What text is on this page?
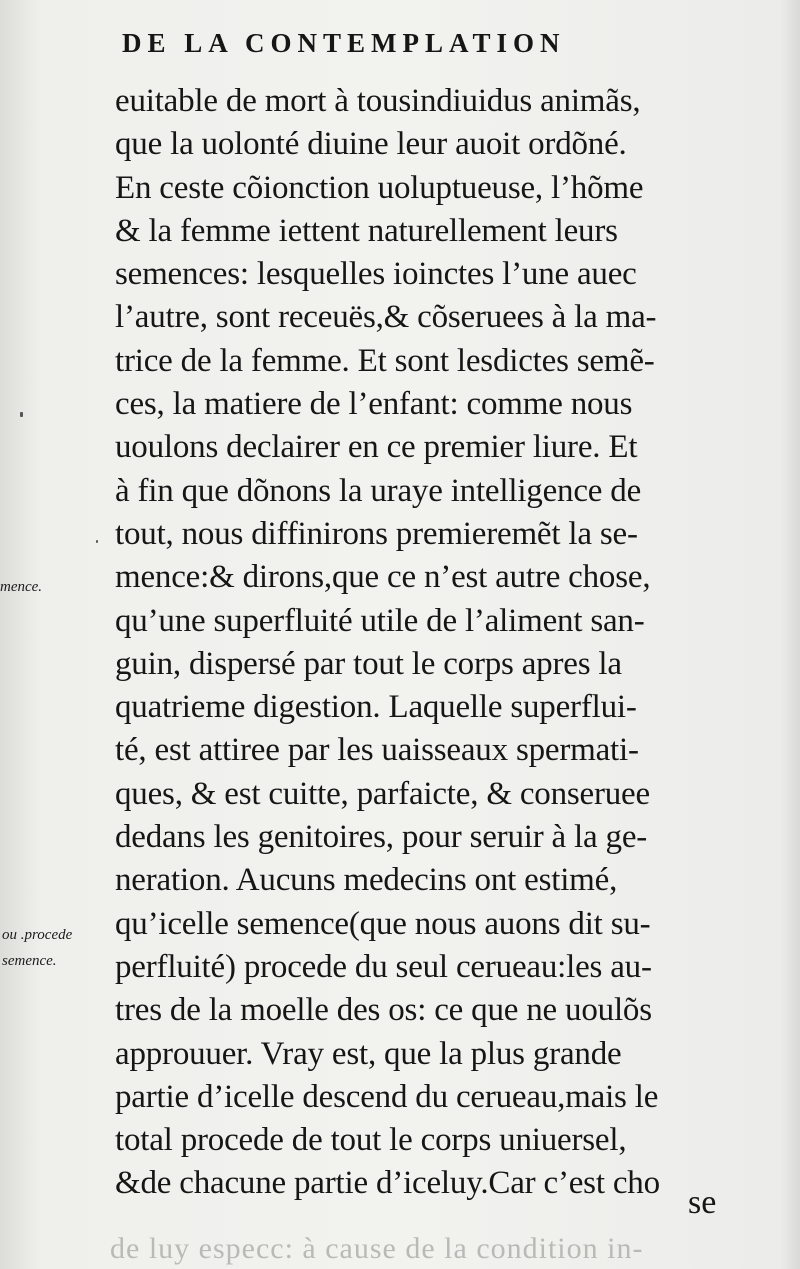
de luy especc: à cause de la condition in-
DE LA CONTEMPLATION
euitable de mort à tousindiuidus animãs,
que la uolonté diuine leur auoit ordõné.
En ceste cõionction uoluptueuse, l’hõme
& la femme iettent naturellement leurs
semences: lesquelles ioinctes l’une auec
l’autre, sont receuës,& cõseruees à la ma-
trice de la femme. Et sont lesdictes semẽ-
ces, la matiere de l’enfant: comme nous
uoulons declairer en ce premier liure. Et
à fin que dõnons la uraye intelligence de
tout, nous diffinirons premieremẽt la se-
mence:& dirons,que ce n’est autre chose,
qu’une superfluité utile de l’aliment san-
guin, dispersé par tout le corps apres la
quatrieme digestion. Laquelle superflui-
té, est attiree par les uaisseaux spermati-
ques, & est cuitte, parfaicte, & conseruee
dedans les genitoires, pour seruir à la ge-
neration. Aucuns medecins ont estimé,
qu’icelle semence(que nous auons dit su-
perfluité) procede du seul cerueau:les au-
tres de la moelle des os: ce que ne uoulõs
approuuer. Vray est, que la plus grande
partie d’icelle descend du cerueau,mais le
total procede de tout le corps uniuersel,
&de chacune partie d’iceluy.Car c’est cho
se
mence.
ou .procede
semence.
